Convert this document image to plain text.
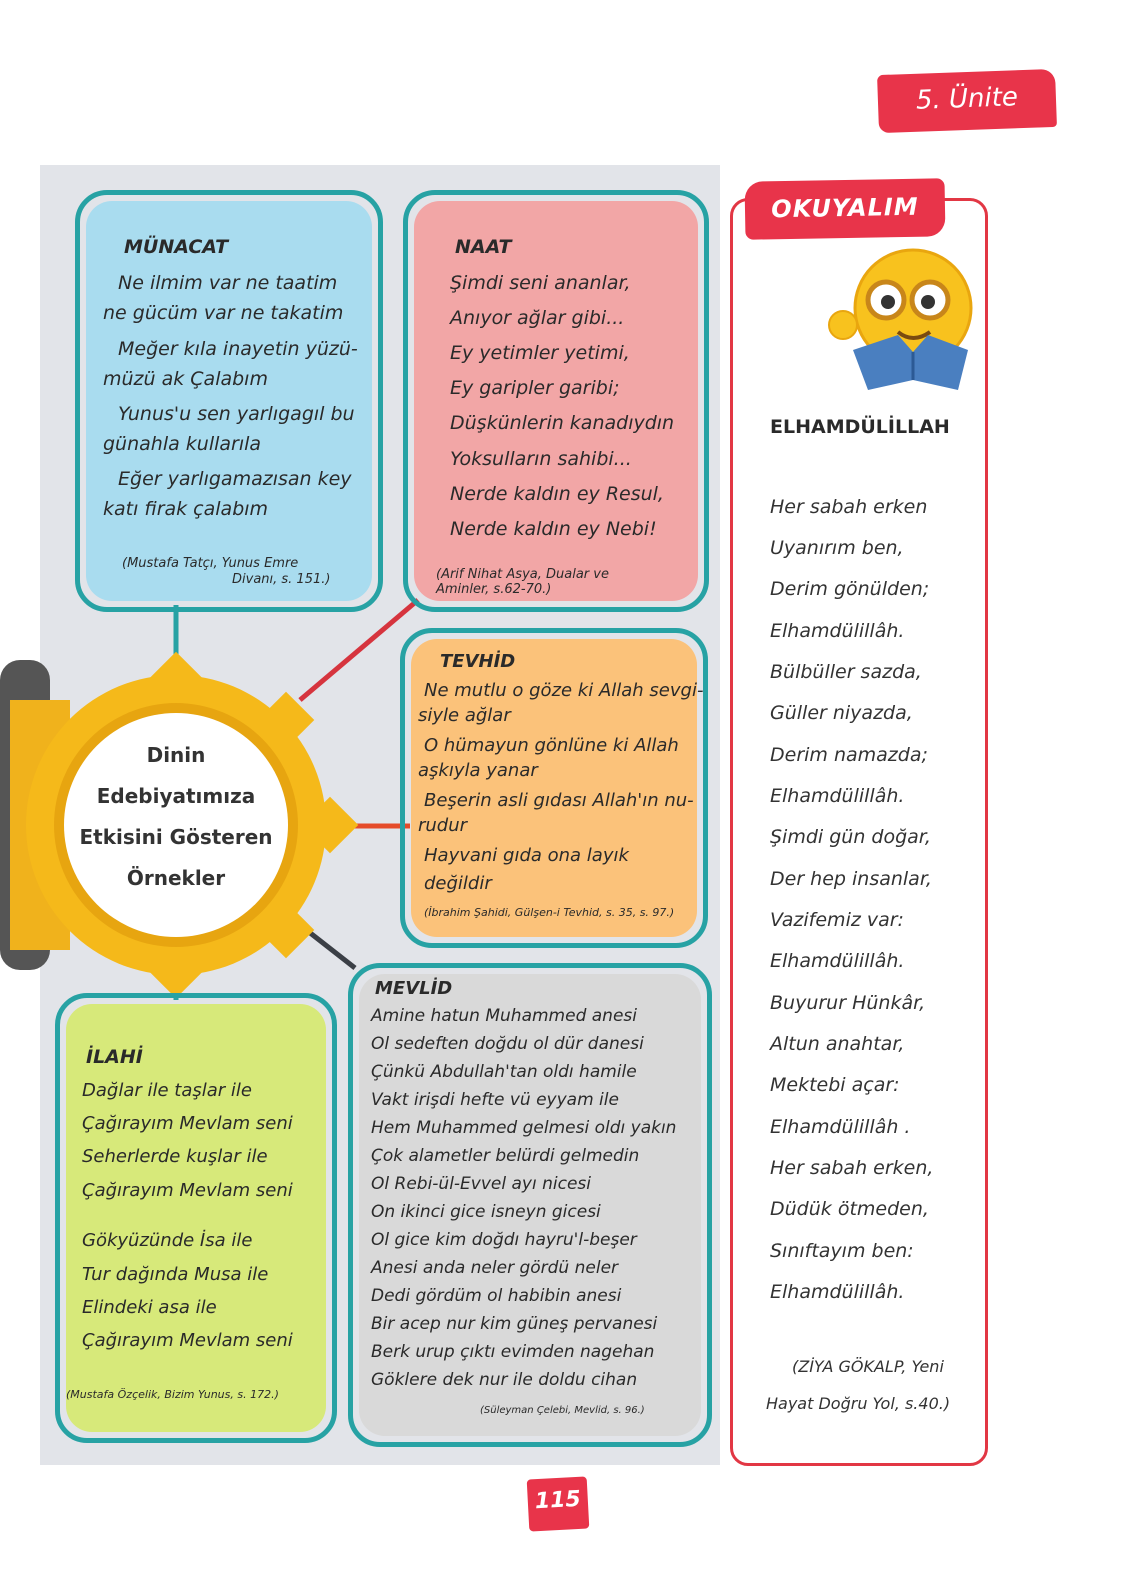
5. Ünite
Dinin
Edebiyatımıza
Etkisini Gösteren
Örnekler
MÜNACAT
Ne ilmim var ne taatim
ne gücüm var ne takatim
Meğer kıla inayetin yüzü-
müzü ak Çalabım
Yunus'u sen yarlıgagıl bu
günahla kullarıla
Eğer yarlıgamazısan key
katı firak çalabım
(Mustafa Tatçı, Yunus Emre
Divanı, s. 151.)
NAAT
Şimdi seni ananlar,
Anıyor ağlar gibi...
Ey yetimler yetimi,
Ey garipler garibi;
Düşkünlerin kanadıydın
Yoksulların sahibi...
Nerde kaldın ey Resul,
Nerde kaldın ey Nebi!
(Arif Nihat Asya, Dualar ve
Aminler, s.62-70.)
TEVHİD
Ne mutlu o göze ki Allah sevgi-
siyle ağlar
O hümayun gönlüne ki Allah
aşkıyla yanar
Beşerin asli gıdası Allah'ın nu-
rudur
Hayvani gıda ona layık
değildir
(İbrahim Şahidi, Gülşen-i Tevhid, s. 35, s. 97.)
İLAHİ
Dağlar ile taşlar ile
Çağırayım Mevlam seni
Seherlerde kuşlar ile
Çağırayım Mevlam seni
Gökyüzünde İsa ile
Tur dağında Musa ile
Elindeki asa ile
Çağırayım Mevlam seni
(Mustafa Özçelik, Bizim Yunus, s. 172.)
MEVLİD
Amine hatun Muhammed anesi
Ol sedeften doğdu ol dür danesi
Çünkü Abdullah'tan oldı hamile
Vakt irişdi hefte vü eyyam ile
Hem Muhammed gelmesi oldı yakın
Çok alametler belürdi gelmedin
Ol Rebi-ül-Evvel ayı nicesi
On ikinci gice isneyn gicesi
Ol gice kim doğdı hayru'l-beşer
Anesi anda neler gördü neler
Dedi gördüm ol habibin anesi
Bir acep nur kim güneş pervanesi
Berk urup çıktı evimden nagehan
Göklere dek nur ile doldu cihan
(Süleyman Çelebi, Mevlid, s. 96.)
OKUYALIM
ELHAMDÜLİLLAH
Her sabah erken
Uyanırım ben,
Derim gönülden;
Elhamdülillâh.
Bülbüller sazda,
Güller niyazda,
Derim namazda;
Elhamdülillâh.
Şimdi gün doğar,
Der hep insanlar,
Vazifemiz var:
Elhamdülillâh.
Buyurur Hünkâr,
Altun anahtar,
Mektebi açar:
Elhamdülillâh .
Her sabah erken,
Düdük ötmeden,
Sınıftayım ben:
Elhamdülillâh.
(ZİYA GÖKALP, Yeni
Hayat Doğru Yol, s.40.)
115
